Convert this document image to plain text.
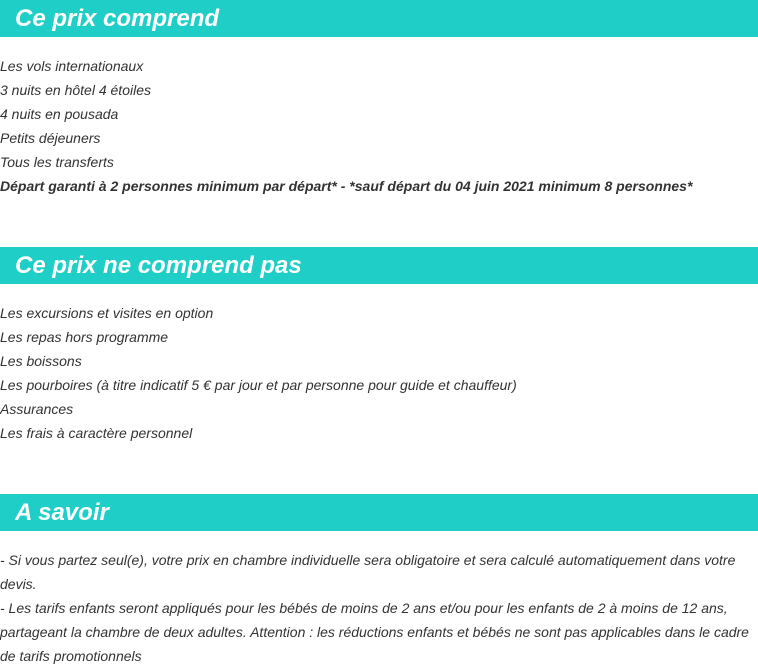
Ce prix comprend
Les vols internationaux
3 nuits en hôtel 4 étoiles
4 nuits en pousada
Petits déjeuners
Tous les transferts
Départ garanti à 2 personnes minimum par départ* - *sauf départ du 04 juin 2021 minimum 8 personnes*
Ce prix ne comprend pas
Les excursions et visites en option
Les repas hors programme
Les boissons
Les pourboires (à titre indicatif 5 € par jour et par personne pour guide et chauffeur)
Assurances
Les frais à caractère personnel
A savoir

- Si vous partez seul(e), votre prix en chambre individuelle sera obligatoire et sera calculé automatiquement dans votre devis.

- Les tarifs enfants seront appliqués pour les bébés de moins de 2 ans et/ou pour les enfants de 2 à moins de 12 ans, partageant la chambre de deux adultes. Attention : les réductions enfants et bébés ne sont pas applicables dans le cadre de tarifs promotionnels
